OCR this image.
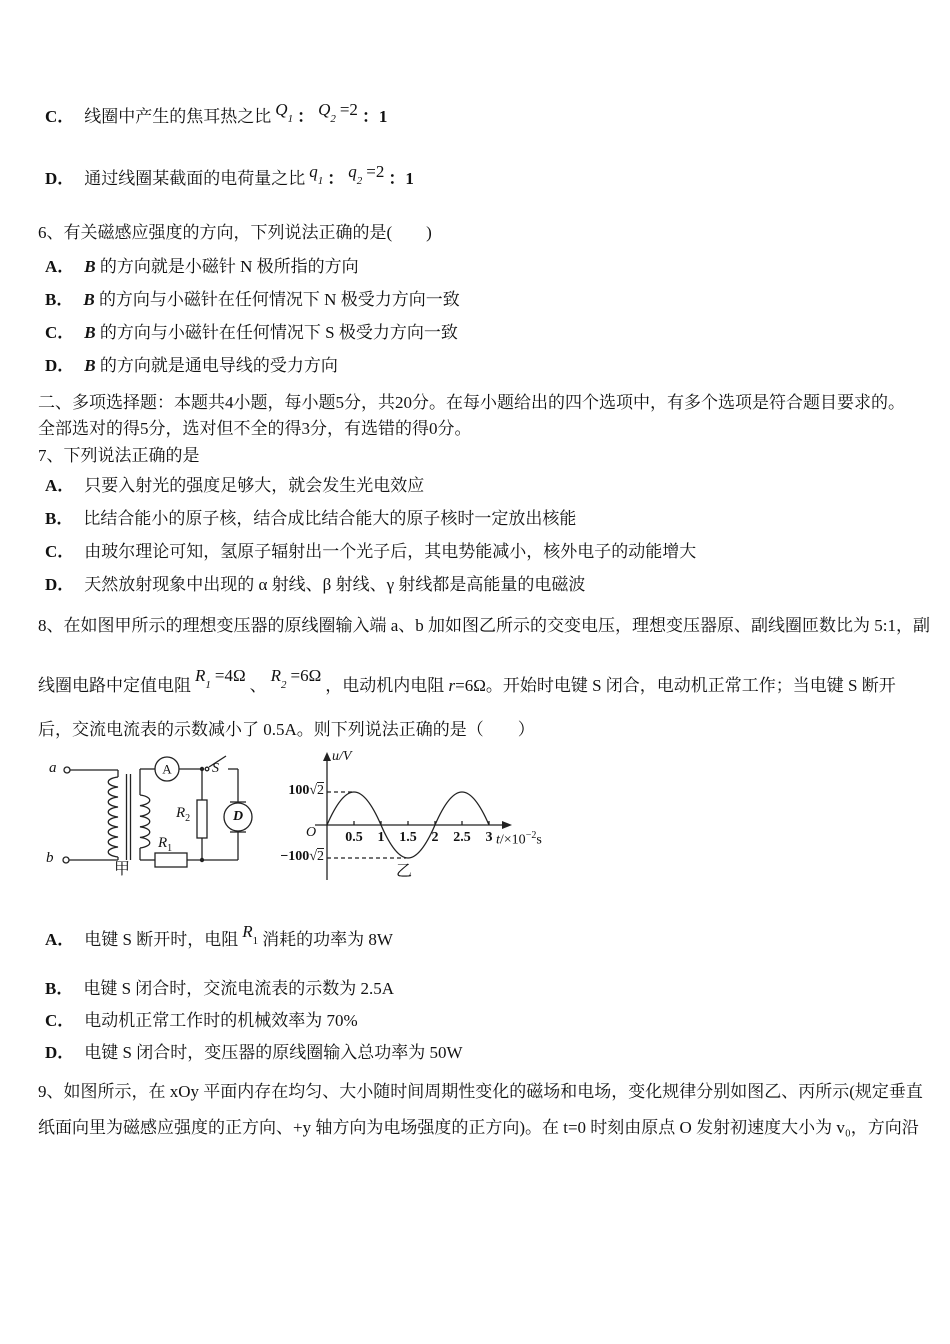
C． 线圈中产生的焦耳热之比 $Q_1$ ： $Q_2=2$ ：1
D． 通过线圈某截面的电荷量之比 $q_1$ ： $q_2=2$ ：1
6、有关磁感应强度的方向，下列说法正确的是(　　)
A． B 的方向就是小磁针 N 极所指的方向
B． B 的方向与小磁针在任何情况下 N 极受力方向一致
C． B 的方向与小磁针在任何情况下 S 极受力方向一致
D． B 的方向就是通电导线的受力方向
二、多项选择题：本题共4小题，每小题5分，共20分。在每小题给出的四个选项中，有多个选项是符合题目要求的。
全部选对的得5分，选对但不全的得3分，有选错的得0分。
7、下列说法正确的是
A． 只要入射光的强度足够大，就会发生光电效应
B． 比结合能小的原子核，结合成比结合能大的原子核时一定放出核能
C． 由玻尔理论可知，氢原子辐射出一个光子后，其电势能减小，核外电子的动能增大
D． 天然放射现象中出现的 α 射线、β 射线、γ 射线都是高能量的电磁波
8、在如图甲所示的理想变压器的原线圈输入端 a、b 加如图乙所示的交变电压，理想变压器原、副线圈匝数比为 5:1，副
线圈电路中定值电阻$R_1=4\Omega$、$R_2=6\Omega$，电动机内电阻 r=6Ω。开始时电键 S 闭合，电动机正常工作；当电键 S 断开
后，交流电流表的示数减小了 0.5A。则下列说法正确的是（　　）
a
b
甲
A	S
$R_2$
$R_1$
D
u/V
O
100√2
−100√2
0.5 1 1.5 2 2.5 3 $t/\times 10^{-2}s$
乙
A． 电键 S 断开时，电阻 $R_1$ 消耗的功率为 8W
B． 电键 S 闭合时，交流电流表的示数为 2.5A
C． 电动机正常工作时的机械效率为 70%
D． 电键 S 闭合时，变压器的原线圈输入总功率为 50W
9、如图所示，在 xOy 平面内存在均匀、大小随时间周期性变化的磁场和电场，变化规律分别如图乙、丙所示(规定垂直
纸面向里为磁感应强度的正方向、+y 轴方向为电场强度的正方向)。在 t=0 时刻由原点 O 发射初速度大小为 v₀，方向沿
